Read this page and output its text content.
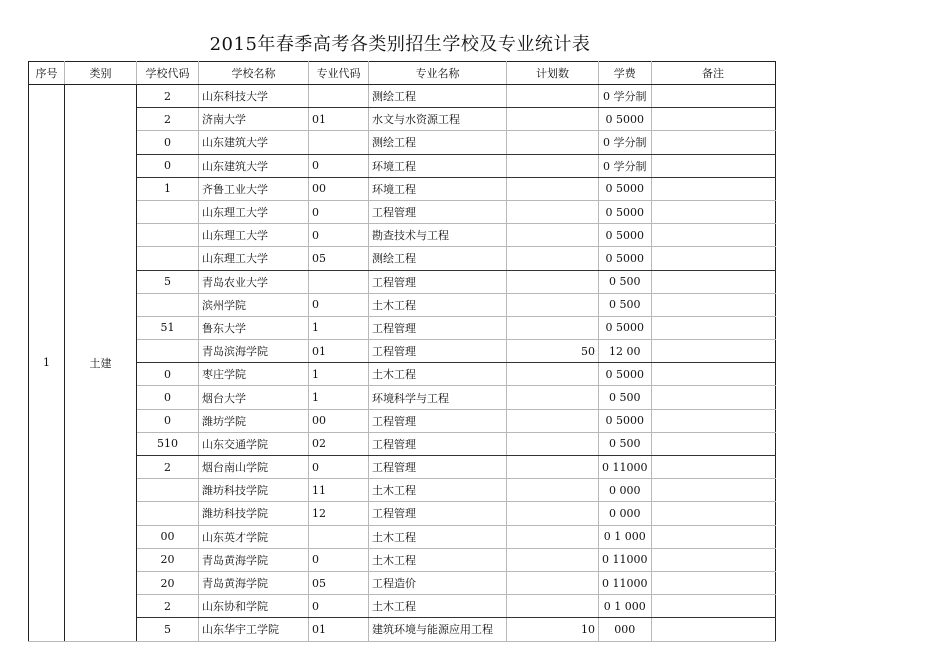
2015年春季高考各类别招生学校及专业统计表
序号	类别	学校代码	学校名称	专业代码	专业名称	计划数	学费	备注
1	土建	2	山东科技大学		测绘工程		0 学分制	
		2	济南大学	01	水文与水资源工程		0 5000	
		0	山东建筑大学		测绘工程		0 学分制	
		0	山东建筑大学	0	环境工程		0 学分制	
		1	齐鲁工业大学	00	环境工程		0 5000	
			山东理工大学	0	工程管理		0 5000	
			山东理工大学	0	勘查技术与工程		0 5000	
			山东理工大学	05	测绘工程		0 5000	
		5	青岛农业大学		工程管理		0 500	
			滨州学院	0	土木工程		0 500	
		51	鲁东大学	1	工程管理		0 5000	
			青岛滨海学院	01	工程管理	50	12 00	
		0	枣庄学院	1	土木工程		0 5000	
		0	烟台大学	1	环境科学与工程		0 500	
		0	潍坊学院	00	工程管理		0 5000	
		510	山东交通学院	02	工程管理		0 500	
		2	烟台南山学院	0	工程管理		0 11000	
			潍坊科技学院	11	土木工程		0 000	
			潍坊科技学院	12	工程管理		0 000	
		00	山东英才学院		土木工程		0 1 000	
		20	青岛黄海学院	0	土木工程		0 11000	
		20	青岛黄海学院	05	工程造价		0 11000	
		2	山东协和学院	0	土木工程		0 1 000	
		5	山东华宇工学院	01	建筑环境与能源应用工程	10	000	
